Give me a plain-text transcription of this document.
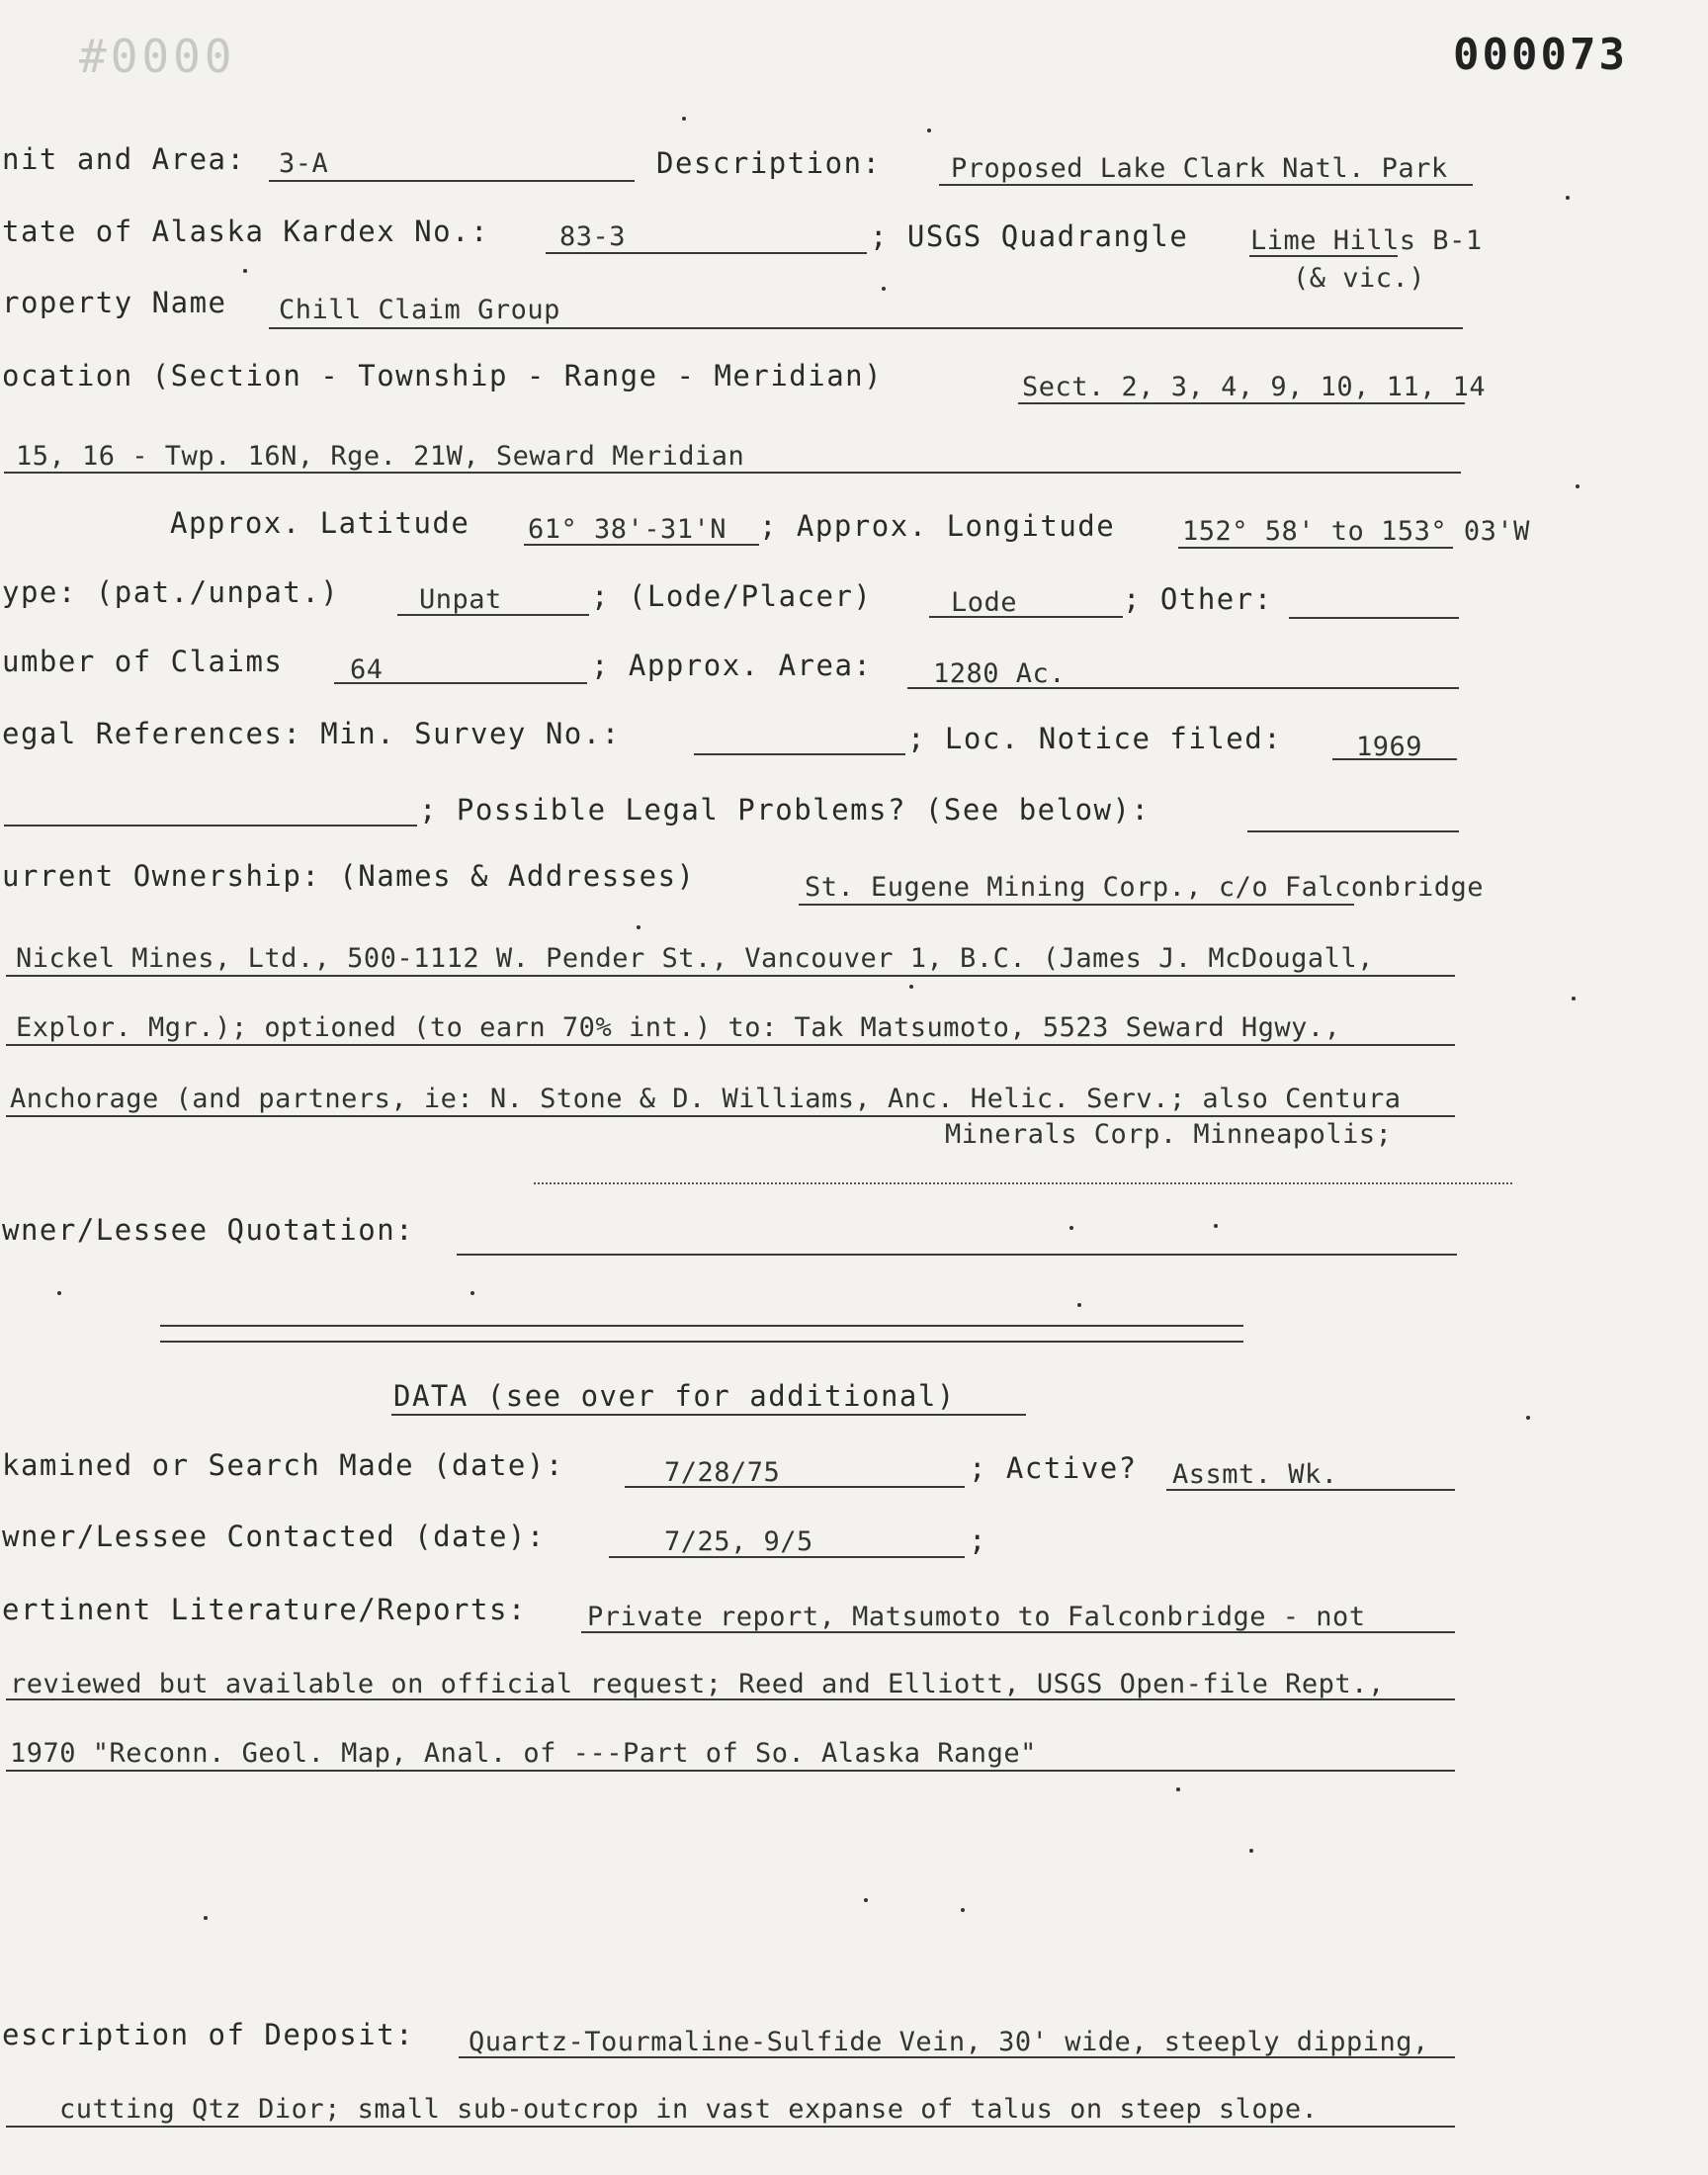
#0000	000073
nit and Area: 3-A	Description:	Proposed Lake Clark Natl. Park
tate of Alaska Kardex No.:	83-3	; USGS Quadrangle Lime Hills B-1
(& vic.)
roperty Name Chill Claim Group
ocation (Section - Township - Range - Meridian)	Sect. 2, 3, 4, 9, 10, 11, 14
15, 16 - Twp. 16N, Rge. 21W, Seward Meridian
Approx. Latitude 61° 38'-31'N ; Approx. Longitude	152° 58' to 153° 03'W
ype: (pat./unpat.)	Unpat	; (Lode/Placer)	Lode	; Other:
umber of Claims	64	; Approx. Area: 1280 Ac.
egal References: Min. Survey No.:	; Loc. Notice filed:	1969
; Possible Legal Problems? (See below):
urrent Ownership: (Names & Addresses)	St. Eugene Mining Corp., c/o Falconbridge
Nickel Mines, Ltd., 500-1112 W. Pender St., Vancouver 1, B.C. (James J. McDougall,
Explor. Mgr.); optioned (to earn 70% int.) to: Tak Matsumoto, 5523 Seward Hgwy.,
Anchorage (and partners, ie: N. Stone & D. Williams, Anc. Helic. Serv.; also Centura
Minerals Corp. Minneapolis;
wner/Lessee Quotation:
DATA (see over for additional)
kamined or Search Made (date):	7/28/75	; Active? Assmt. Wk.
wner/Lessee Contacted (date):	7/25, 9/5	;
ertinent Literature/Reports: Private report, Matsumoto to Falconbridge - not
reviewed but available on official request; Reed and Elliott, USGS Open-file Rept.,
1970 "Reconn. Geol. Map, Anal. of ---Part of So. Alaska Range"
escription of Deposit: Quartz-Tourmaline-Sulfide Vein, 30' wide, steeply dipping,
cutting Qtz Dior; small sub-outcrop in vast expanse of talus on steep slope.
